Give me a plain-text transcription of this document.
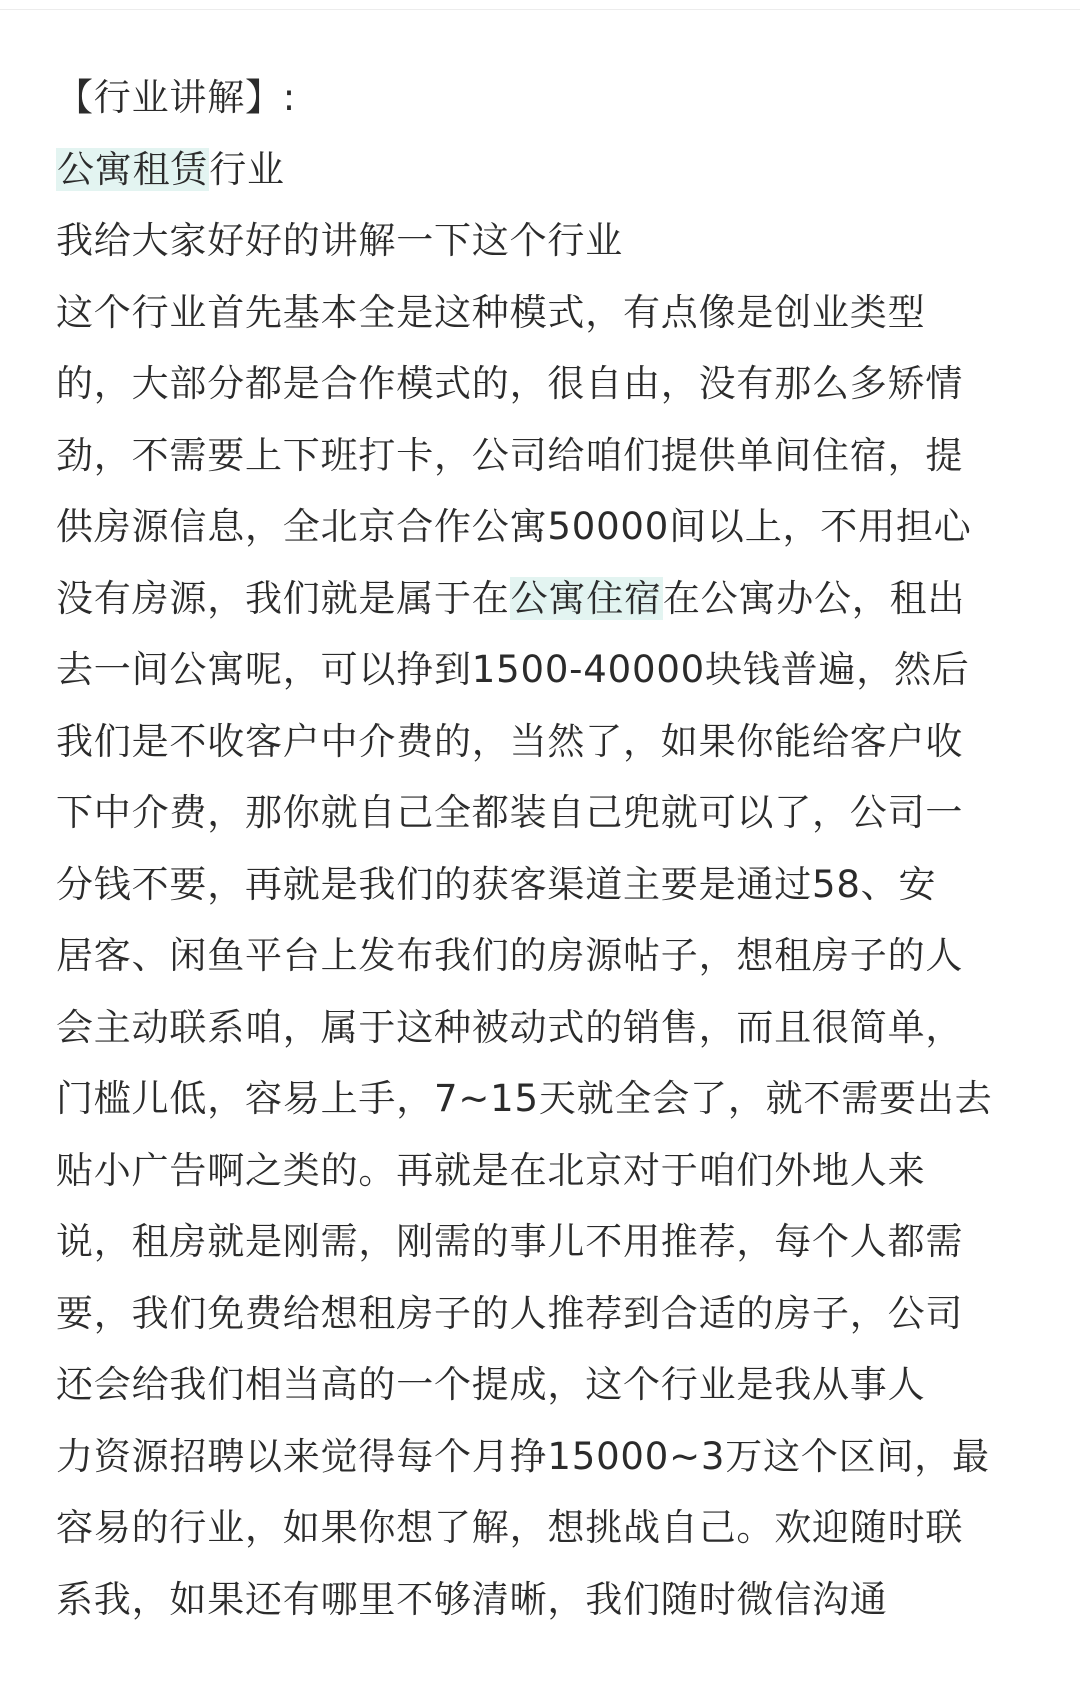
【行业讲解】:
公寓租赁行业
我给大家好好的讲解一下这个行业
这个行业首先基本全是这种模式，有点像是创业类型
的，大部分都是合作模式的，很自由，没有那么多矫情
劲，不需要上下班打卡，公司给咱们提供单间住宿，提
供房源信息，全北京合作公寓50000间以上，不用担心
没有房源，我们就是属于在公寓住宿在公寓办公，租出
去一间公寓呢，可以挣到1500-40000块钱普遍，然后
我们是不收客户中介费的，当然了，如果你能给客户收
下中介费，那你就自己全都装自己兜就可以了，公司一
分钱不要，再就是我们的获客渠道主要是通过58、安
居客、闲鱼平台上发布我们的房源帖子，想租房子的人
会主动联系咱，属于这种被动式的销售，而且很简单，
门槛儿低，容易上手，7~15天就全会了，就不需要出去
贴小广告啊之类的。再就是在北京对于咱们外地人来
说，租房就是刚需，刚需的事儿不用推荐，每个人都需
要，我们免费给想租房子的人推荐到合适的房子，公司
还会给我们相当高的一个提成，这个行业是我从事人
力资源招聘以来觉得每个月挣15000~3万这个区间，最
容易的行业，如果你想了解，想挑战自己。欢迎随时联
系我，如果还有哪里不够清晰，我们随时微信沟通
